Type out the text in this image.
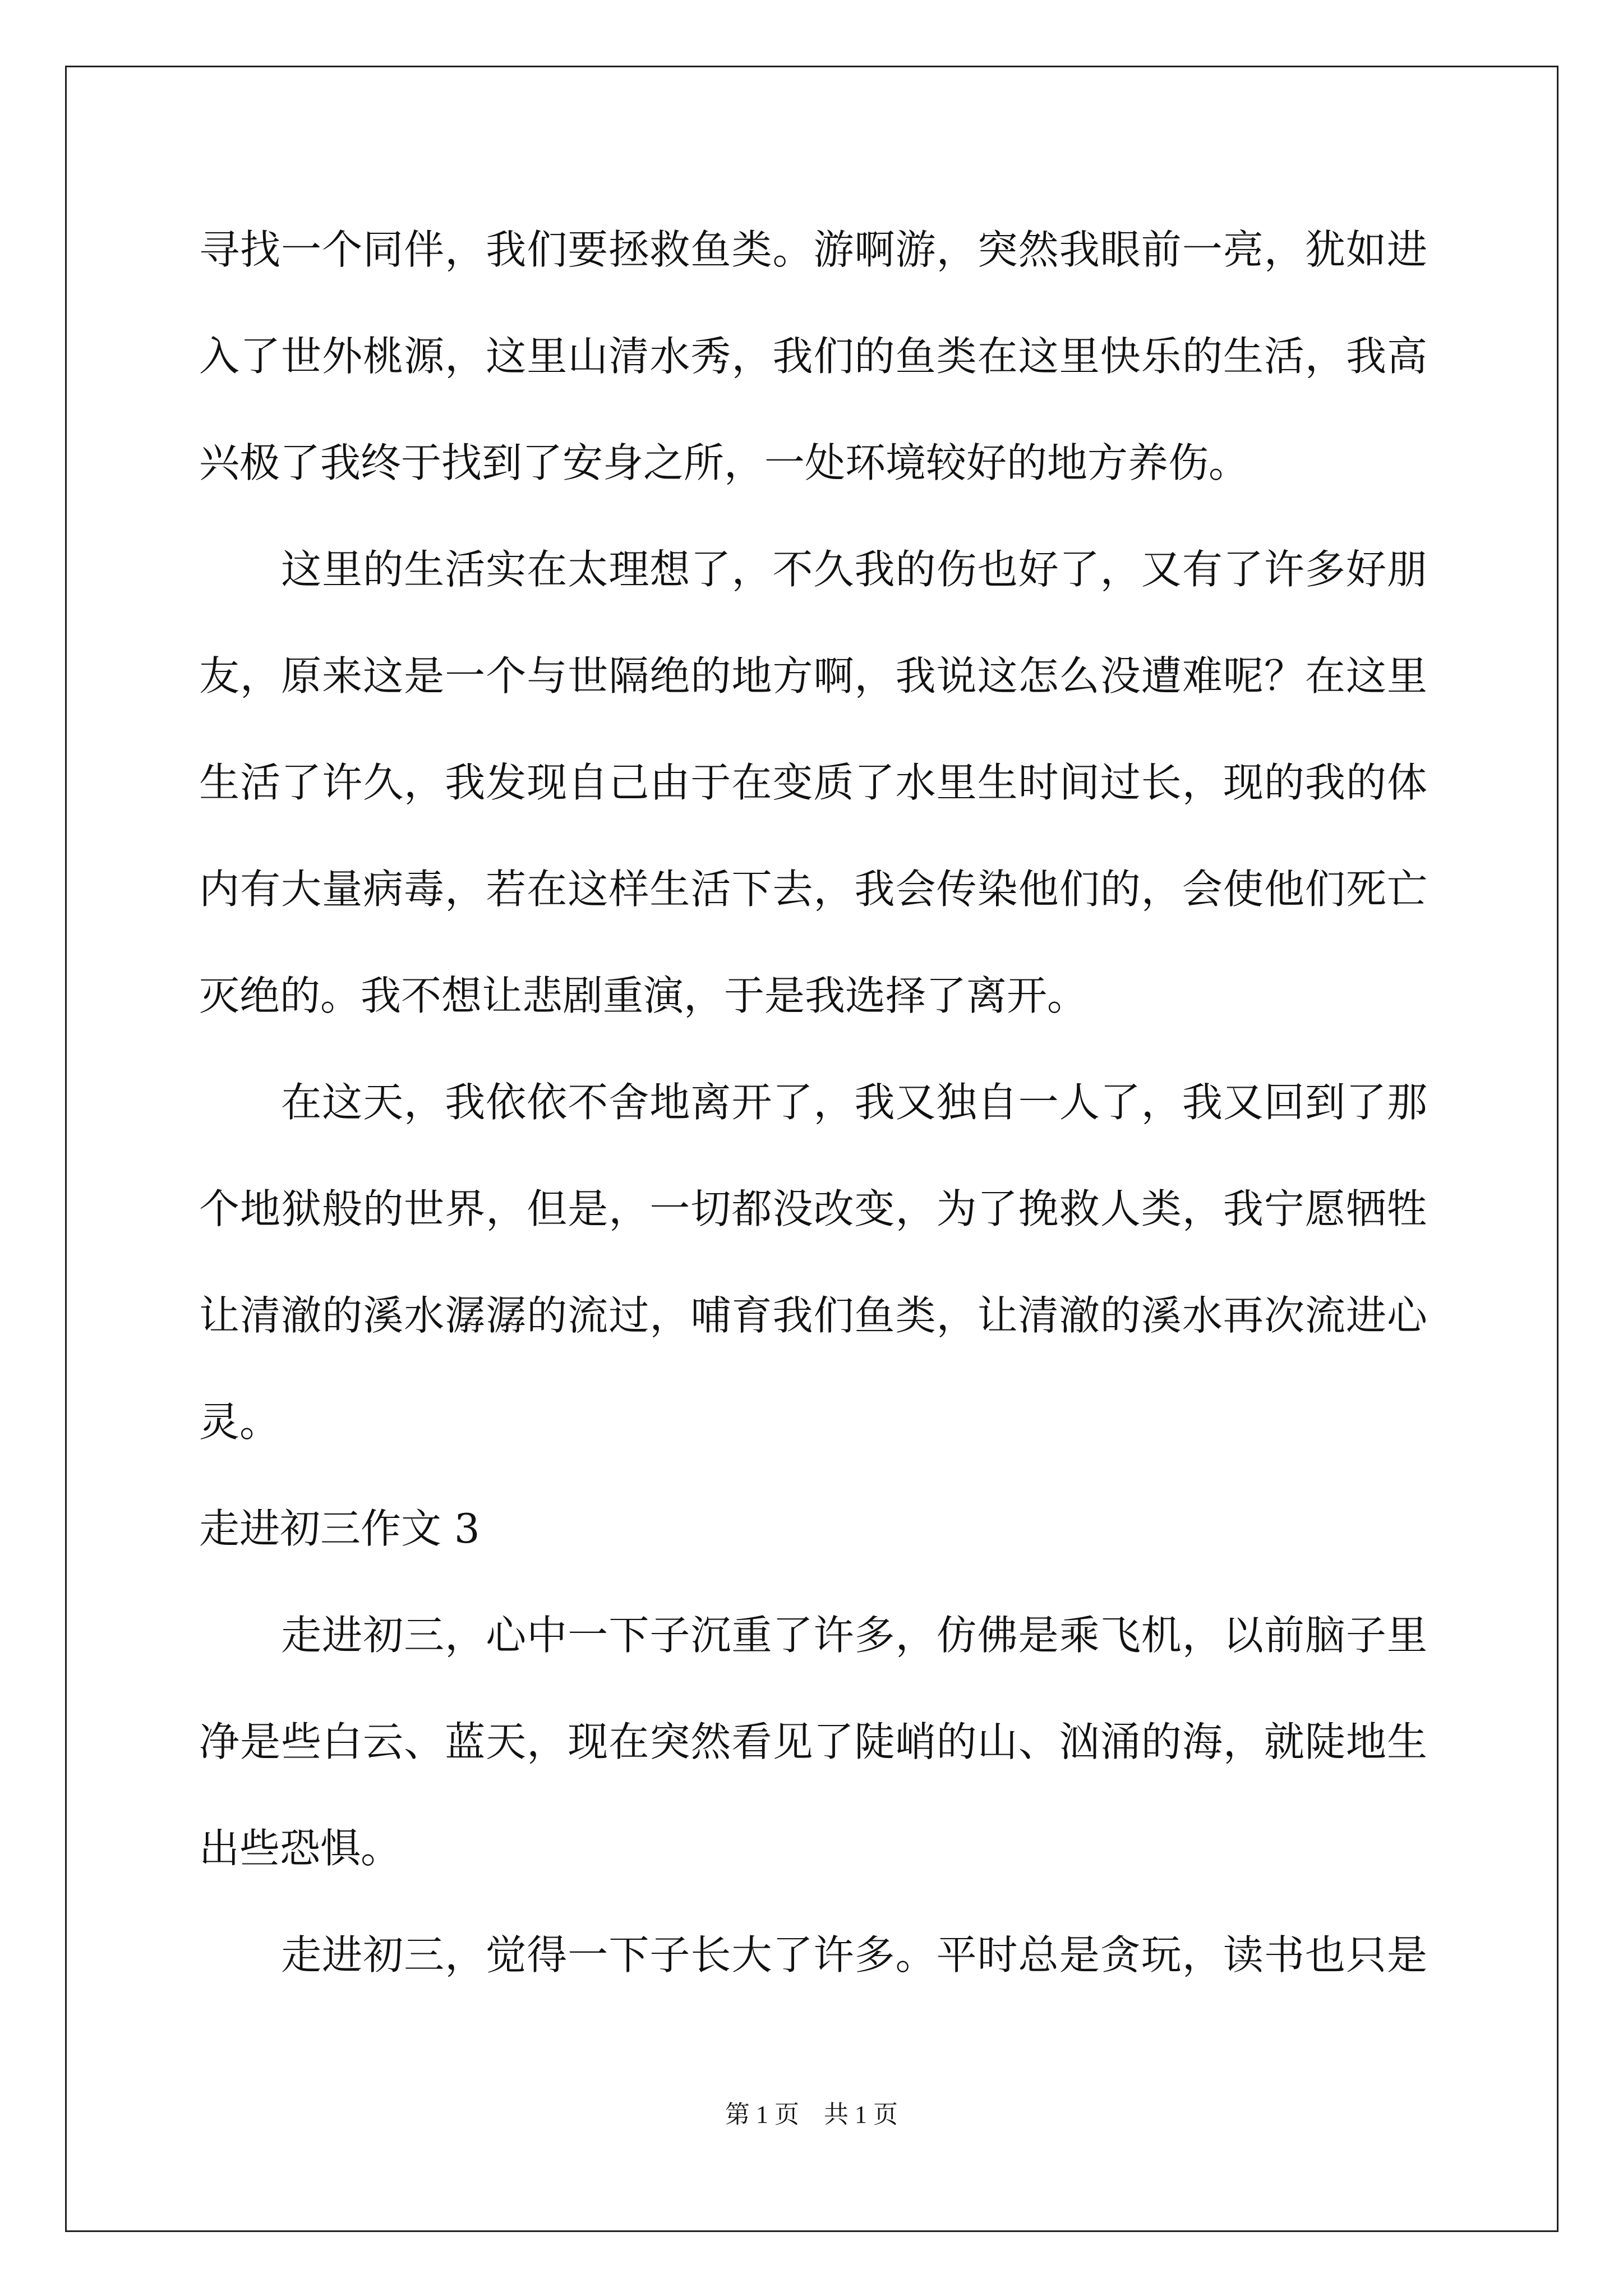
寻找一个同伴，我们要拯救鱼类。游啊游，突然我眼前一亮，犹如进
入了世外桃源，这里山清水秀，我们的鱼类在这里快乐的生活，我高
兴极了我终于找到了安身之所，一处环境较好的地方养伤。
　　这里的生活实在太理想了，不久我的伤也好了，又有了许多好朋
友，原来这是一个与世隔绝的地方啊，我说这怎么没遭难呢？在这里
生活了许久，我发现自己由于在变质了水里生时间过长，现的我的体
内有大量病毒，若在这样生活下去，我会传染他们的，会使他们死亡
灭绝的。我不想让悲剧重演，于是我选择了离开。
　　在这天，我依依不舍地离开了，我又独自一人了，我又回到了那
个地狱般的世界，但是，一切都没改变，为了挽救人类，我宁愿牺牲
让清澈的溪水潺潺的流过，哺育我们鱼类，让清澈的溪水再次流进心
灵。
走进初三作文 3
　　走进初三，心中一下子沉重了许多，仿佛是乘飞机，以前脑子里
净是些白云、蓝天，现在突然看见了陡峭的山、汹涌的海，就陡地生
出些恐惧。
　　走进初三，觉得一下子长大了许多。平时总是贪玩，读书也只是
第 1 页　共 1 页
